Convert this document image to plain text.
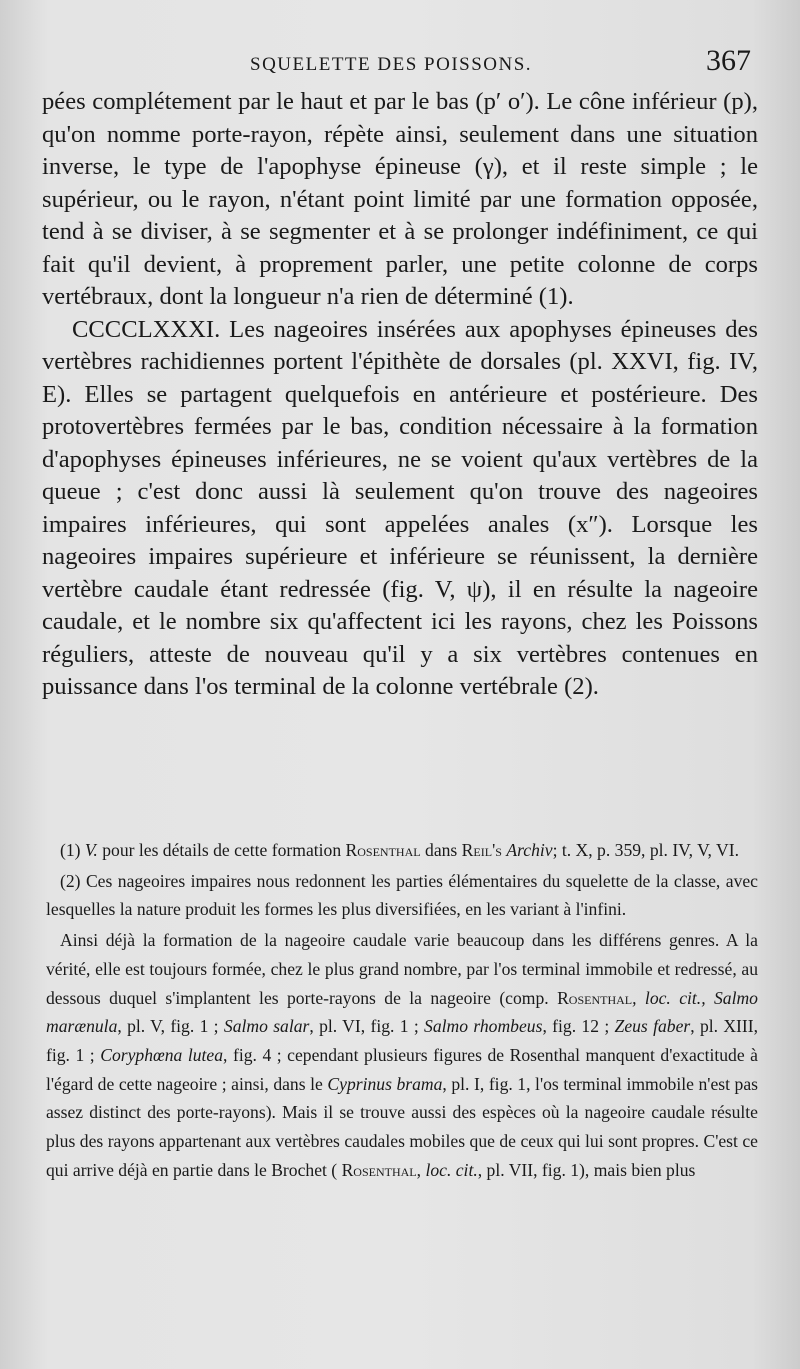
SQUELETTE DES POISSONS.	367

pées complétement par le haut et par le bas (p′ o′). Le cône inférieur (p), qu'on nomme porte-rayon, répète ainsi, seulement dans une situation inverse, le type de l'apophyse épineuse (γ), et il reste simple ; le supérieur, ou le rayon, n'étant point limité par une formation opposée, tend à se diviser, à se segmenter et à se prolonger indéfiniment, ce qui fait qu'il devient, à proprement parler, une petite colonne de corps vertébraux, dont la longueur n'a rien de déterminé (1).

CCCCLXXXI. Les nageoires insérées aux apophyses épineuses des vertèbres rachidiennes portent l'épithète de dorsales (pl. XXVI, fig. IV, E). Elles se partagent quelquefois en antérieure et postérieure. Des protovertèbres fermées par le bas, condition nécessaire à la formation d'apophyses épineuses inférieures, ne se voient qu'aux vertèbres de la queue ; c'est donc aussi là seulement qu'on trouve des nageoires impaires inférieures, qui sont appelées anales (x″). Lorsque les nageoires impaires supérieure et inférieure se réunissent, la dernière vertèbre caudale étant redressée (fig. V, ψ), il en résulte la nageoire caudale, et le nombre six qu'affectent ici les rayons, chez les Poissons réguliers, atteste de nouveau qu'il y a six vertèbres contenues en puissance dans l'os terminal de la colonne vertébrale (2).

(1) V. pour les détails de cette formation Rosenthal dans Reil's Archiv; t. X, p. 359, pl. IV, V, VI.

(2) Ces nageoires impaires nous redonnent les parties élémentaires du squelette de la classe, avec lesquelles la nature produit les formes les plus diversifiées, en les variant à l'infini.

Ainsi déjà la formation de la nageoire caudale varie beaucoup dans les différens genres. A la vérité, elle est toujours formée, chez le plus grand nombre, par l'os terminal immobile et redressé, au dessous duquel s'implantent les porte-rayons de la nageoire (comp. Rosenthal, loc. cit., Salmo marænula, pl. V, fig. 1 ; Salmo salar, pl. VI, fig. 1 ; Salmo rhombeus, fig. 12 ; Zeus faber, pl. XIII, fig. 1 ; Coryphœna lutea, fig. 4 ; cependant plusieurs figures de Rosenthal manquent d'exactitude à l'égard de cette nageoire ; ainsi, dans le Cyprinus brama, pl. I, fig. 1, l'os terminal immobile n'est pas assez distinct des porte-rayons). Mais il se trouve aussi des espèces où la nageoire caudale résulte plus des rayons appartenant aux vertèbres caudales mobiles que de ceux qui lui sont propres. C'est ce qui arrive déjà en partie dans le Brochet ( Rosenthal, loc. cit., pl. VII, fig. 1), mais bien plus
